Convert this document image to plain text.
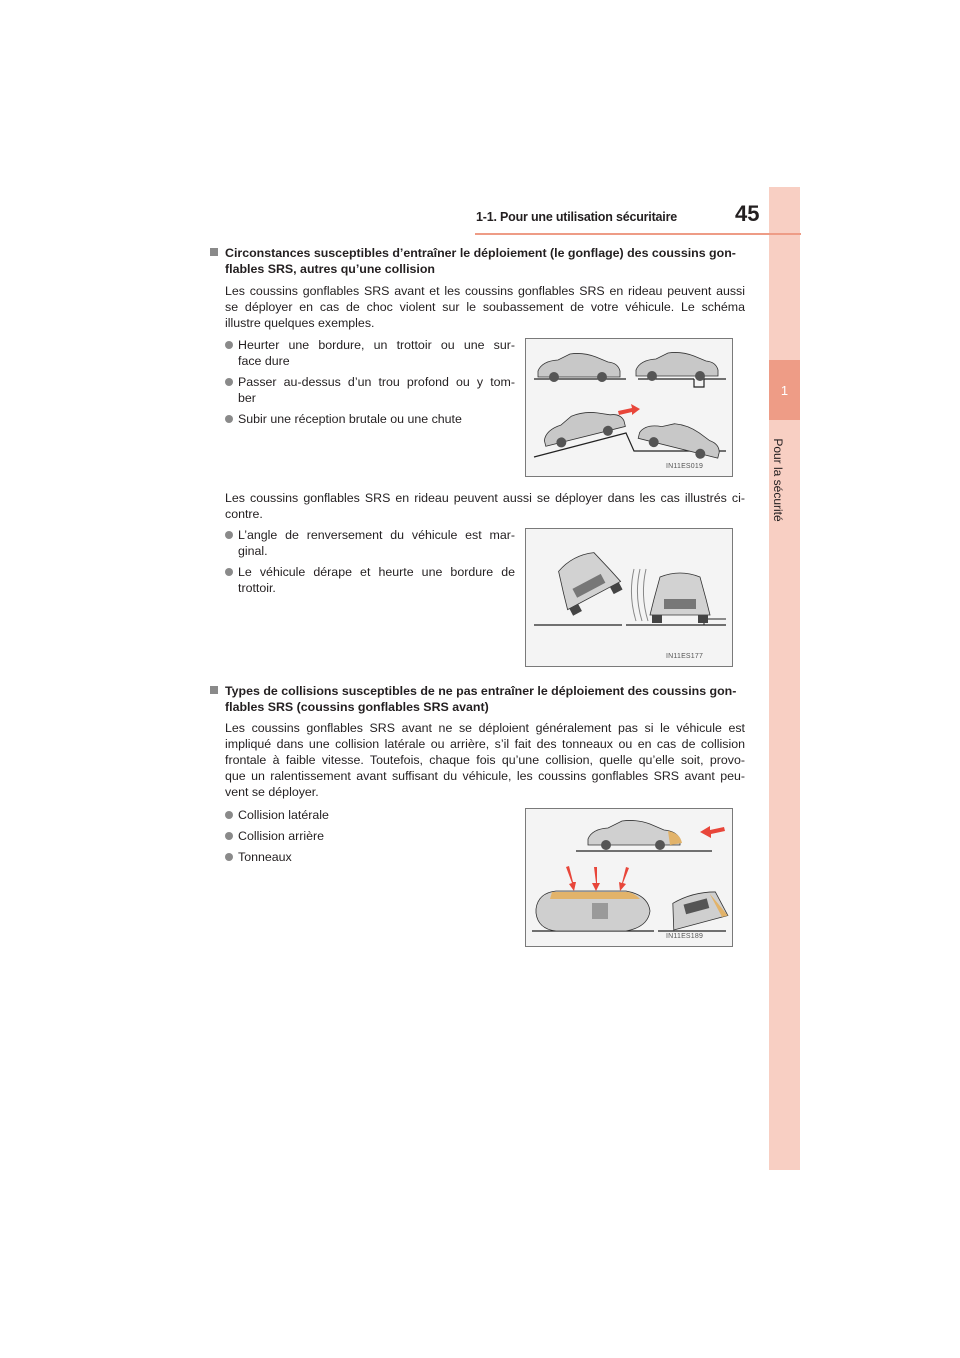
1
Pour la sécurité
1-1. Pour une utilisation sécuritaire	45
Circonstances susceptibles d’entraîner le déploiement (le gonflage) des coussins gon-
flables SRS, autres qu’une collision
Les coussins gonflables SRS avant et les coussins gonflables SRS en rideau peuvent aussi
se déployer en cas de choc violent sur le soubassement de votre véhicule. Le schéma
illustre quelques exemples.
Heurter une bordure, un trottoir ou une sur-
face dure
Passer au-dessus d’un trou profond ou y tom-
ber
Subir une réception brutale ou une chute
IN11ES019
Les coussins gonflables SRS en rideau peuvent aussi se déployer dans les cas illustrés ci-
contre.
L’angle de renversement du véhicule est mar-
ginal.
Le véhicule dérape et heurte une bordure de
trottoir.
IN11ES177
Types de collisions susceptibles de ne pas entraîner le déploiement des coussins gon-
flables SRS (coussins gonflables SRS avant)
Les coussins gonflables SRS avant ne se déploient généralement pas si le véhicule est
impliqué dans une collision latérale ou arrière, s’il fait des tonneaux ou en cas de collision
frontale à faible vitesse. Toutefois, chaque fois qu’une collision, quelle qu’elle soit, provo-
que un ralentissement avant suffisant du véhicule, les coussins gonflables SRS avant peu-
vent se déployer.
Collision latérale
Collision arrière
Tonneaux
IN11ES189
